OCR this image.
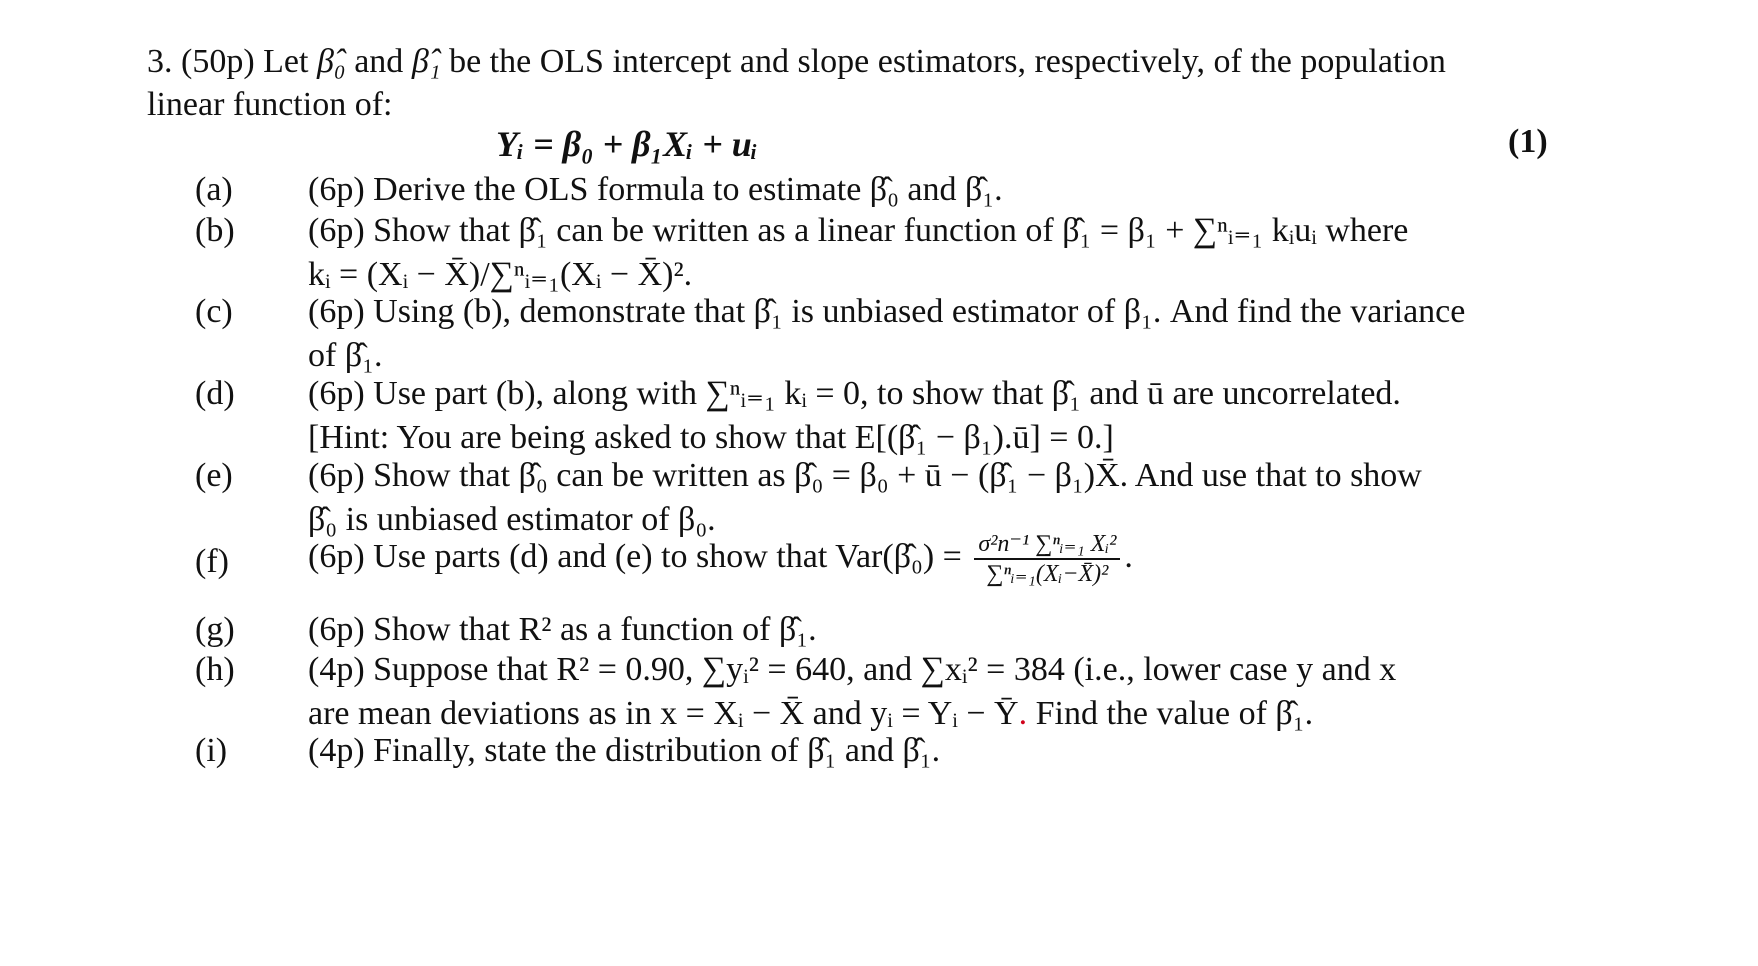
3. (50p) Let β̂₀ and β̂₁ be the OLS intercept and slope estimators, respectively, of the population
linear function of:
Yᵢ = β₀ + β₁Xᵢ + uᵢ	(1)
(a) (6p) Derive the OLS formula to estimate β̂₀ and β̂₁.
(b) (6p) Show that β̂₁ can be written as a linear function of β̂₁ = β₁ + ∑ⁿᵢ₌₁ kᵢuᵢ where
kᵢ = (Xᵢ − X̄)/∑ⁿᵢ₌₁(Xᵢ − X̄)².
(c) (6p) Using (b), demonstrate that β̂₁ is unbiased estimator of β₁. And find the variance
of β̂₁.
(d) (6p) Use part (b), along with ∑ⁿᵢ₌₁ kᵢ = 0, to show that β̂₁ and ū are uncorrelated.
[Hint: You are being asked to show that E[(β̂₁ − β₁).ū] = 0.]
(e) (6p) Show that β̂₀ can be written as β̂₀ = β₀ + ū − (β̂₁ − β₁)X̄. And use that to show
β̂₀ is unbiased estimator of β₀.
(f) (6p) Use parts (d) and (e) to show that Var(β̂₀) = $\frac{\text{σ²n⁻¹ ∑ⁿᵢ₌₁ Xᵢ²}}{\text{∑ⁿᵢ₌₁(Xᵢ−X̄)²}}$ .
(g) (6p) Show that R² as a function of β̂₁.
(h) (4p) Suppose that R² = 0.90, ∑yᵢ² = 640, and ∑xᵢ² = 384 (i.e., lower case y and x
are mean deviations as in x = Xᵢ − X̄ and yᵢ = Yᵢ − Ȳ. Find the value of β̂₁.
(i) (4p) Finally, state the distribution of β̂₁ and β̂₁.
